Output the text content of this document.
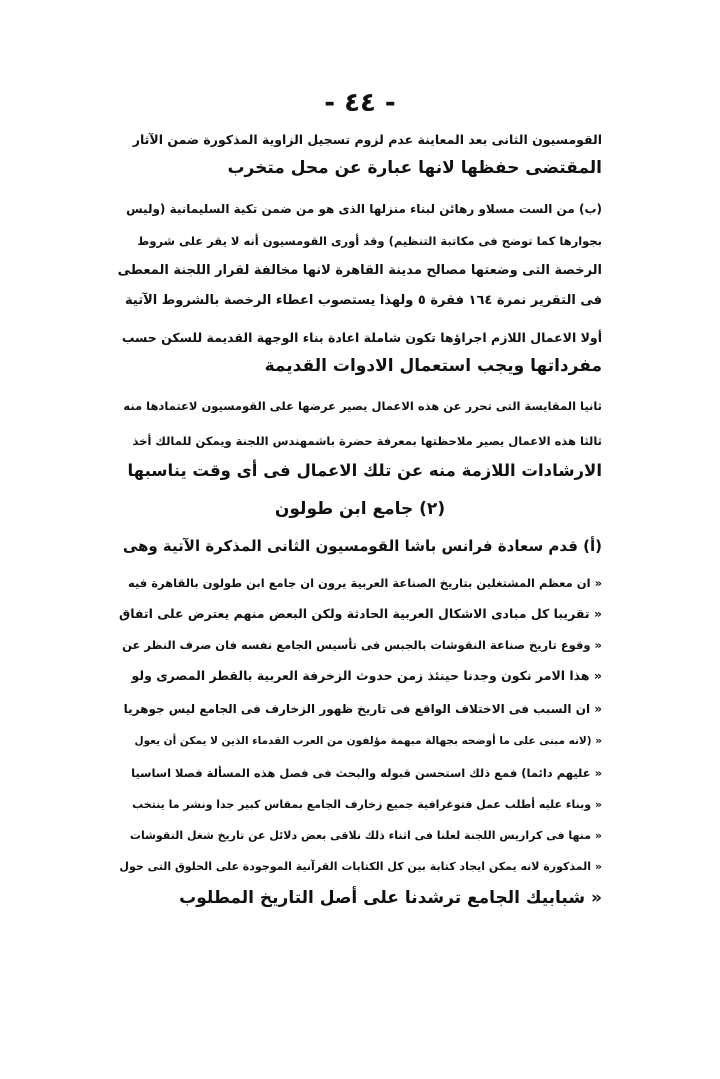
- ٤٤ -
القومسيون الثانى بعد المعاينة عدم لزوم تسجيل الزاوية المذكورة ضمن الآثار
المقتضى حفظها لانها عبارة عن محل متخرب
(ب) من الست مسلاو رهائن لبناء منزلها الذى هو من ضمن تكية السليمانية (وليس
بجوارها كما توضح فى مكاتبة التنظيم) وقد أورى القومسيون أنه لا يقر على شروط
الرخصة التى وضعتها مصالح مدينة القاهرة لانها مخالفة لقرار اللجنة المعطى
فى التقرير نمرة ١٦٤ فقرة ٥ ولهذا يستصوب اعطاء الرخصة بالشروط الآتية
أولا الاعمال اللازم اجراؤها تكون شاملة اعادة بناء الوجهة القديمة للسكن حسب
مفرداتها ويجب استعمال الادوات القديمة
ثانيا المقايسة التى تحرر عن هذه الاعمال يصير عرضها على القومسيون لاعتمادها منه
ثالثا هذه الاعمال يصير ملاحظتها بمعرفة حضرة باشمهندس اللجنة ويمكن للمالك أخذ
الارشادات اللازمة منه عن تلك الاعمال فى أى وقت يناسبها
(٢) جامع ابن طولون
(أ) قدم سعادة فرانس باشا القومسيون الثانى المذكرة الآتية وهى
« ان معظم المشتغلين بتاريخ الصناعة العربية يرون ان جامع ابن طولون بالقاهرة فيه
« تقريبا كل مبادى الاشكال العربية الحادثة ولكن البعض منهم يعترض على اتفاق
« وقوع تاريخ صناعة النقوشات بالجبس فى تأسيس الجامع نفسه فان صرف النظر عن
« هذا الامر نكون وجدنا حينئذ زمن حدوث الزخرفة العربية بالقطر المصرى ولو
« ان السبب فى الاختلاف الواقع فى تاريخ ظهور الزخارف فى الجامع ليس جوهريا
« (لانه مبنى على ما أوضحه بجهالة مبهمة مؤلفون من العرب القدماء الذين لا يمكن أن يعول
« عليهم دائما) فمع ذلك استحسن قبوله والبحث فى فصل هذه المسألة فصلا اساسيا
« وبناء عليه أطلب عمل فتوغرافية جميع زخارف الجامع بمقاس كبير جدا ونشر ما ينتخب
« منها فى كراريس اللجنة لعلنا فى اثناء ذلك نلاقى بعض دلائل عن تاريخ شغل النقوشات
« المذكورة لانه يمكن ايجاد كتابة بين كل الكتابات القرآنية الموجودة على الحلوق التى حول
« شبابيك الجامع ترشدنا على أصل التاريخ المطلوب
